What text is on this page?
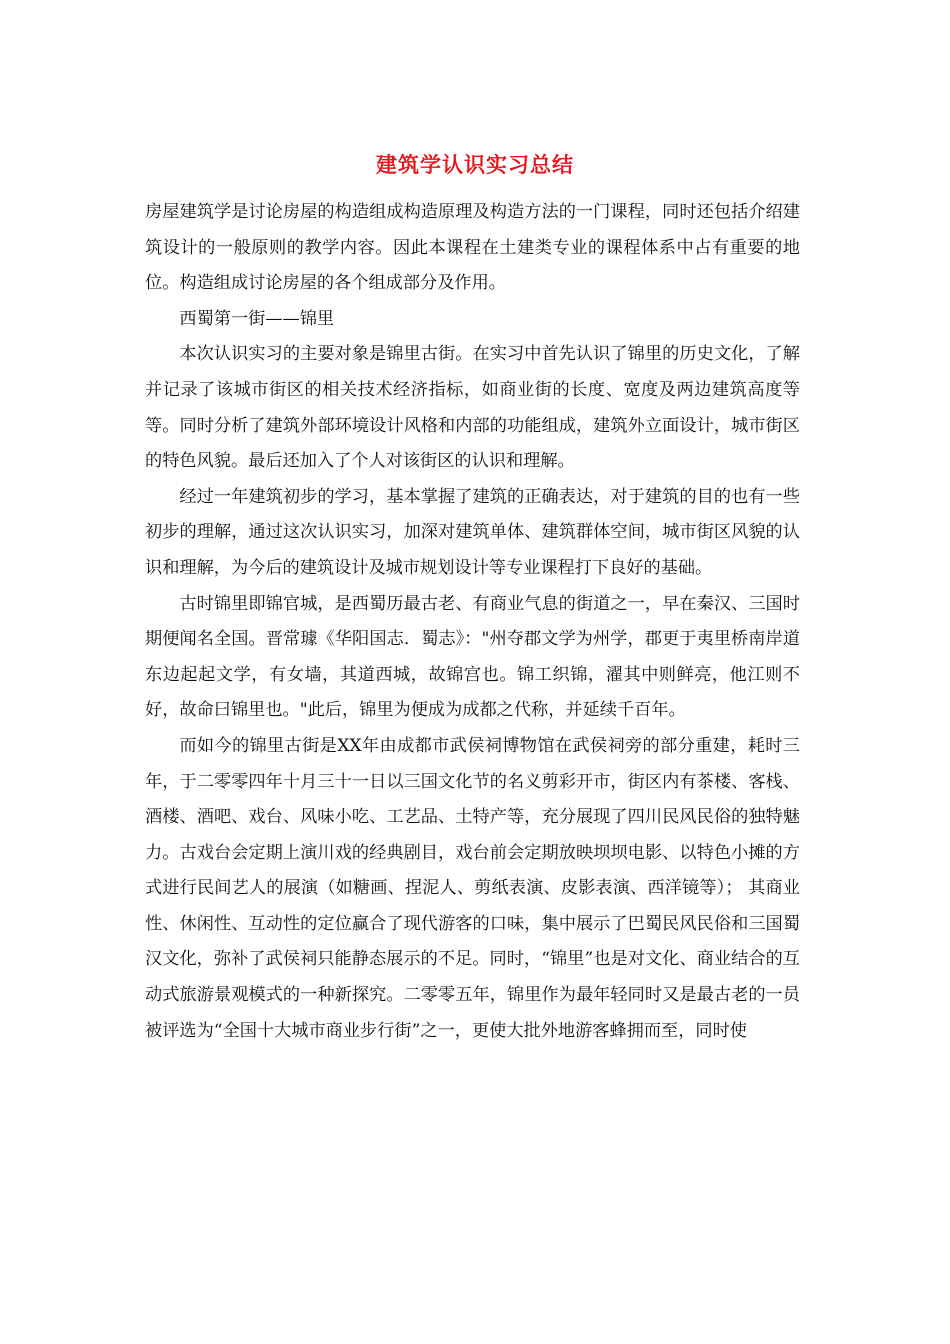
建筑学认识实习总结

房屋建筑学是讨论房屋的构造组成构造原理及构造方法的一门课程，同时还包括介绍建筑设计的一般原则的教学内容。因此本课程在土建类专业的课程体系中占有重要的地位。构造组成讨论房屋的各个组成部分及作用。

西蜀第一街——锦里

本次认识实习的主要对象是锦里古街。在实习中首先认识了锦里的历史文化，了解并记录了该城市街区的相关技术经济指标，如商业街的长度、宽度及两边建筑高度等等。同时分析了建筑外部环境设计风格和内部的功能组成，建筑外立面设计，城市街区的特色风貌。最后还加入了个人对该街区的认识和理解。

经过一年建筑初步的学习，基本掌握了建筑的正确表达，对于建筑的目的也有一些初步的理解，通过这次认识实习，加深对建筑单体、建筑群体空间，城市街区风貌的认识和理解，为今后的建筑设计及城市规划设计等专业课程打下良好的基础。

古时锦里即锦官城，是西蜀历最古老、有商业气息的街道之一，早在秦汉、三国时期便闻名全国。晋常璩《华阳国志．蜀志》："州夺郡文学为州学，郡更于夷里桥南岸道东边起起文学，有女墙，其道西城，故锦宫也。锦工织锦，濯其中则鲜亮，他江则不好，故命曰锦里也。"此后，锦里为便成为成都之代称，并延续千百年。

而如今的锦里古街是XX年由成都市武侯祠博物馆在武侯祠旁的部分重建，耗时三年，于二零零四年十月三十一日以三国文化节的名义剪彩开市，街区内有茶楼、客栈、酒楼、酒吧、戏台、风味小吃、工艺品、土特产等，充分展现了四川民风民俗的独特魅力。古戏台会定期上演川戏的经典剧目，戏台前会定期放映坝坝电影、以特色小摊的方式进行民间艺人的展演（如糖画、捏泥人、剪纸表演、皮影表演、西洋镜等）； 其商业性、休闲性、互动性的定位赢合了现代游客的口味，集中展示了巴蜀民风民俗和三国蜀汉文化，弥补了武侯祠只能静态展示的不足。同时，“锦里”也是对文化、商业结合的互动式旅游景观模式的一种新探究。二零零五年，锦里作为最年轻同时又是最古老的一员被评选为“全国十大城市商业步行街”之一，更使大批外地游客蜂拥而至，同时使
